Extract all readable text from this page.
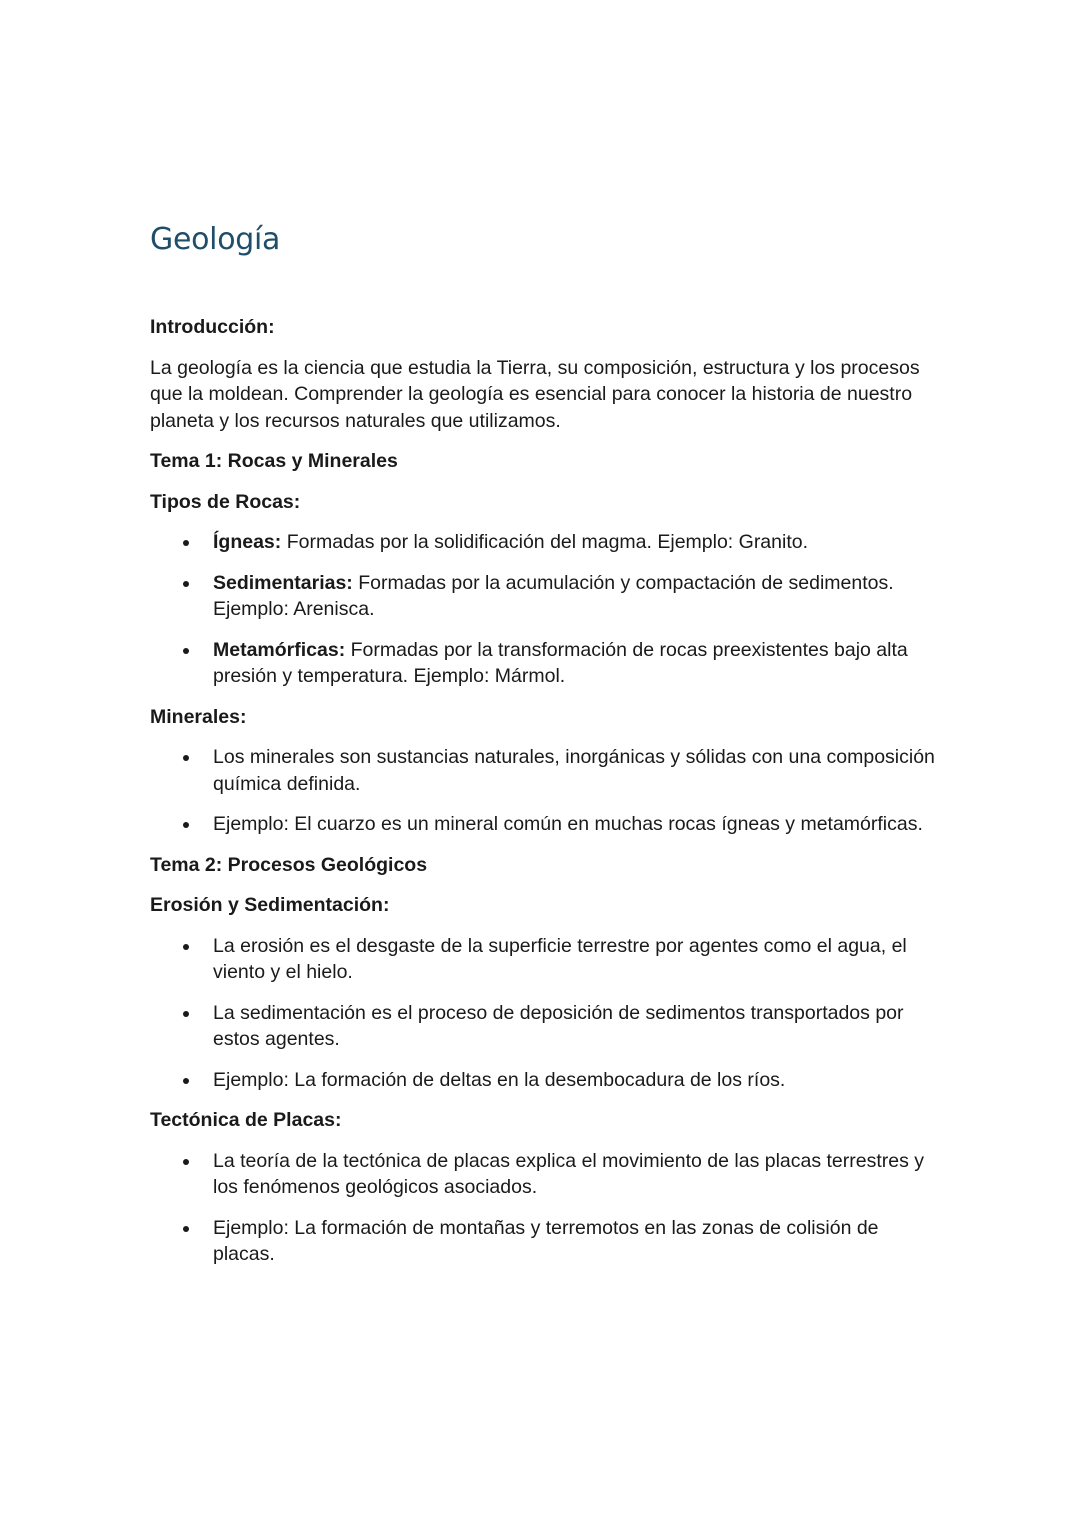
Geología

Introducción:

La geología es la ciencia que estudia la Tierra, su composición, estructura y los procesos que la moldean. Comprender la geología es esencial para conocer la historia de nuestro planeta y los recursos naturales que utilizamos.

Tema 1: Rocas y Minerales

Tipos de Rocas:

Ígneas: Formadas por la solidificación del magma. Ejemplo: Granito.
Sedimentarias: Formadas por la acumulación y compactación de sedimentos. Ejemplo: Arenisca.
Metamórficas: Formadas por la transformación de rocas preexistentes bajo alta presión y temperatura. Ejemplo: Mármol.

Minerales:

Los minerales son sustancias naturales, inorgánicas y sólidas con una composición química definida.
Ejemplo: El cuarzo es un mineral común en muchas rocas ígneas y metamórficas.

Tema 2: Procesos Geológicos

Erosión y Sedimentación:

La erosión es el desgaste de la superficie terrestre por agentes como el agua, el viento y el hielo.
La sedimentación es el proceso de deposición de sedimentos transportados por estos agentes.
Ejemplo: La formación de deltas en la desembocadura de los ríos.

Tectónica de Placas:

La teoría de la tectónica de placas explica el movimiento de las placas terrestres y los fenómenos geológicos asociados.
Ejemplo: La formación de montañas y terremotos en las zonas de colisión de placas.
